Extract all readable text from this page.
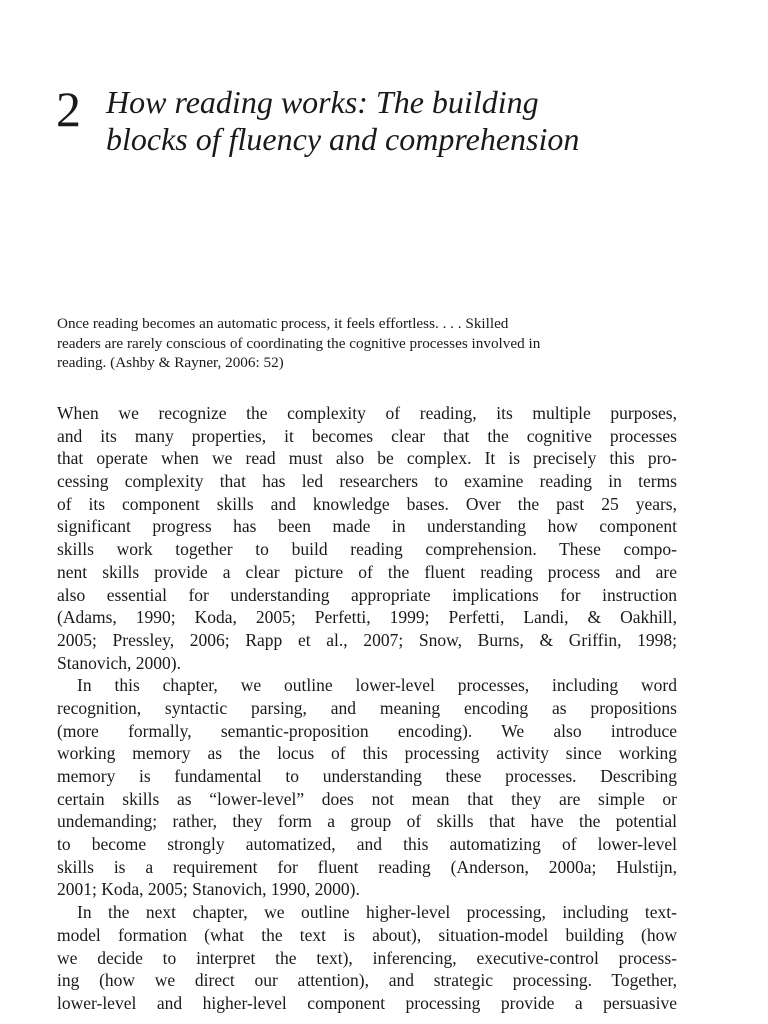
2 How reading works: The building
blocks of fluency and comprehension
Once reading becomes an automatic process, it feels effortless. . . . Skilled
readers are rarely conscious of coordinating the cognitive processes involved in
reading. (Ashby & Rayner, 2006: 52)
When we recognize the complexity of reading, its multiple purposes,
and its many properties, it becomes clear that the cognitive processes
that operate when we read must also be complex. It is precisely this pro-
cessing complexity that has led researchers to examine reading in terms
of its component skills and knowledge bases. Over the past 25 years,
significant progress has been made in understanding how component
skills work together to build reading comprehension. These compo-
nent skills provide a clear picture of the fluent reading process and are
also essential for understanding appropriate implications for instruction
(Adams, 1990; Koda, 2005; Perfetti, 1999; Perfetti, Landi, & Oakhill,
2005; Pressley, 2006; Rapp et al., 2007; Snow, Burns, & Griffin, 1998;
Stanovich, 2000).
In this chapter, we outline lower-level processes, including word
recognition, syntactic parsing, and meaning encoding as propositions
(more formally, semantic-proposition encoding). We also introduce
working memory as the locus of this processing activity since working
memory is fundamental to understanding these processes. Describing
certain skills as “lower-level” does not mean that they are simple or
undemanding; rather, they form a group of skills that have the potential
to become strongly automatized, and this automatizing of lower-level
skills is a requirement for fluent reading (Anderson, 2000a; Hulstijn,
2001; Koda, 2005; Stanovich, 1990, 2000).
In the next chapter, we outline higher-level processing, including text-
model formation (what the text is about), situation-model building (how
we decide to interpret the text), inferencing, executive-control process-
ing (how we direct our attention), and strategic processing. Together,
lower-level and higher-level component processing provide a persuasive
